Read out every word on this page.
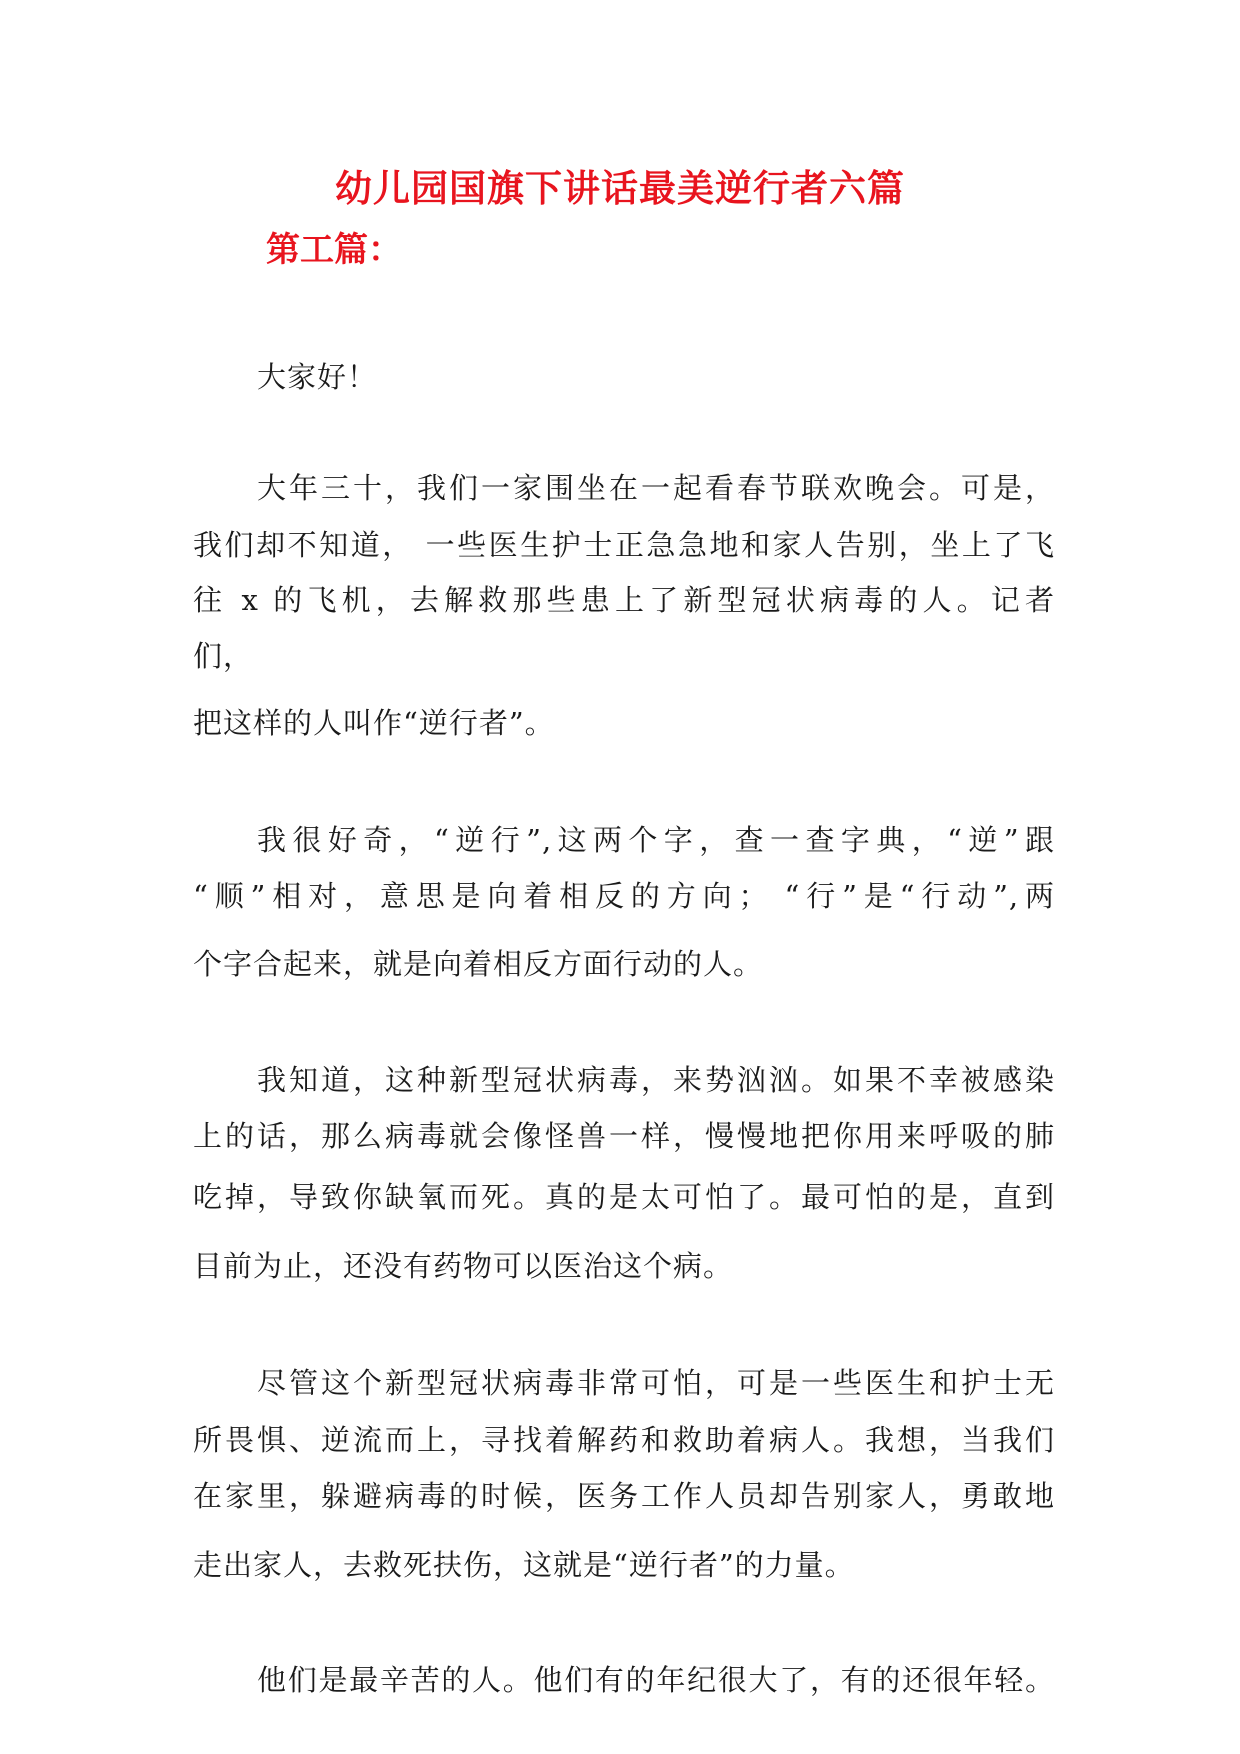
幼儿园国旗下讲话最美逆行者六篇
第工篇：

大家好！

大年三十，我们一家围坐在一起看春节联欢晚会。可是，

我们却不知道， 一些医生护士正急急地和家人告别，坐上了飞

往 x 的飞机，去解救那些患上了新型冠状病毒的人。记者

们，

把这样的人叫作“逆行者”。

我很好奇，“逆行”,这两个字，查一查字典，“逆”跟

“顺”相对，意思是向着相反的方向； “行”是“行动”,两

个字合起来，就是向着相反方面行动的人。

我知道，这种新型冠状病毒，来势汹汹。如果不幸被感染

上的话，那么病毒就会像怪兽一样，慢慢地把你用来呼吸的肺

吃掉，导致你缺氧而死。真的是太可怕了。最可怕的是，直到

目前为止，还没有药物可以医治这个病。

尽管这个新型冠状病毒非常可怕，可是一些医生和护士无

所畏惧、逆流而上，寻找着解药和救助着病人。我想，当我们

在家里，躲避病毒的时候，医务工作人员却告别家人，勇敢地

走出家人，去救死扶伤，这就是“逆行者”的力量。

他们是最辛苦的人。他们有的年纪很大了，有的还很年轻。
